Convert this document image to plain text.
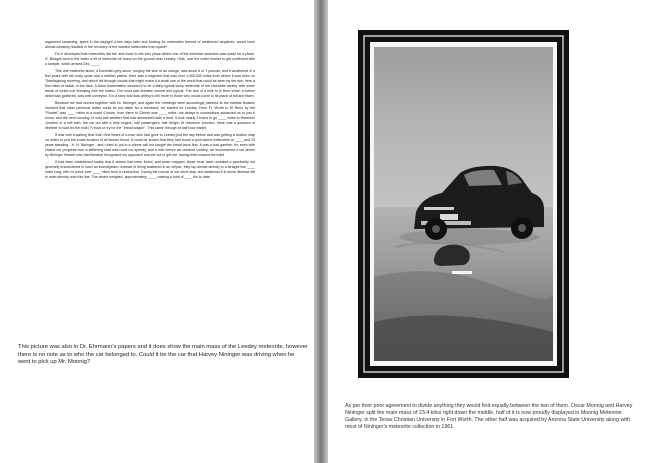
organized searching, spent in the daylight a few days later and looking for meteorites formed of weathered airplanes, would have almost certainly resulted in the recovery of the wanted meteorites from space!

For it developed that meteorites did fall, and close to the very place where one of the intensive searches was made for a plane. G. Bridges sent to the writer a bit of meteorite he found on the ground near Leedey, Okla., and the writer hurried to get confirmed with a sample, which arrived Dec. ____.

This one meteorite alone, a brownish-grey stone, roughly the size of an orange, was about 6 or 7 pounds, and it weathered in a few years with fair rusty spots and a reddish patina. Here was a fragment that was over 1,000,000 miles from where it was seen on Thanksgiving morning, and which fell through clouds that might make it a small one of the world that could be seen by the eye, here a few miles of radial, in the dark. A close examination showed it to be a fairly typical stony meteorite of the chondrite variety, with some areas of nickel-iron breaking with the matrix. The crust was likewise normal and typical. The rest of a mile to it, from which a further detail was gathered, was well surveyed. It is a story and was willing to tell more to those who would come to its place of fall and listen.

Because we had moved together with Dr. Nininger, and again the meetings were accordingly planned at the earliest feasible moment that other personal duties could be put aside for a weekend, we started for Leedey. From Ft. Worth to El Reno by the "Rocket" was ____ miles in a scant 4 hours, from there to Clinton was ____ miles, but delays in connections advanced us to just 6 hours, and the next morning, in cold wet weather that had descended with a front, it took nearly 3 hours to go ____ miles to Hammon Junction in a mill train, the car out with a dirty engine, half passengers, half freight. At Hammon Junction, there was a question of whether to wait for the mail (?) truck or try for the "bread wagon". This came through at half hour earlier.

It was with a waiting time that I first heard of a man who had gone to Leedey just the day before and was getting a section map on which to plot the exact location of all stones found. It could be known that they had found a spot where meteorites of ____ and 23 years standing - H. H. Nininger - and I tried to put in a phone call but caught the bread truck first. It was a bad gamble, for, even with chains our progress over a slithering road was none too speedy, and a mile before we reached Leedey, we encountered a car driven by Nininger himself who had likewise recognized my approach and set out to get me, having tried missed the train!

It had been established locally that 6 stones had been found, and when mapped, these must have revealed a peculiarity not generally encountered in such an investigation: instead of being scattered in an ellipse, they lay almost directly in a straight line ____ miles long, with no piece over ____ miles from a central line. During the course of our short stay, one additional 6 lb stone likewise fell in most directly onto this line. The others weighed, approximately ____, making a total of ____ lbs to date.

This picture was also in Dr. Ehrmann's papers and it does show the main mass of the Leedey meteorite, however there is no note as to who the car belonged to. Could it be the car that Harvey Nininger was driving when he went to pick up Mr. Monnig?

As per their prior agreement to divide anything they would find equally between the two of them. Oscar Monnig and Harvey Nininger split the main mass of 23.4 kilos right down the middle, half of it is now proudly displayed in Monnig Meteorite Gallery, in the Texas Christian University in Fort Worth. The other half was acquired by Arizona State University along with most of Nininger's meteorite collection in 1961.
